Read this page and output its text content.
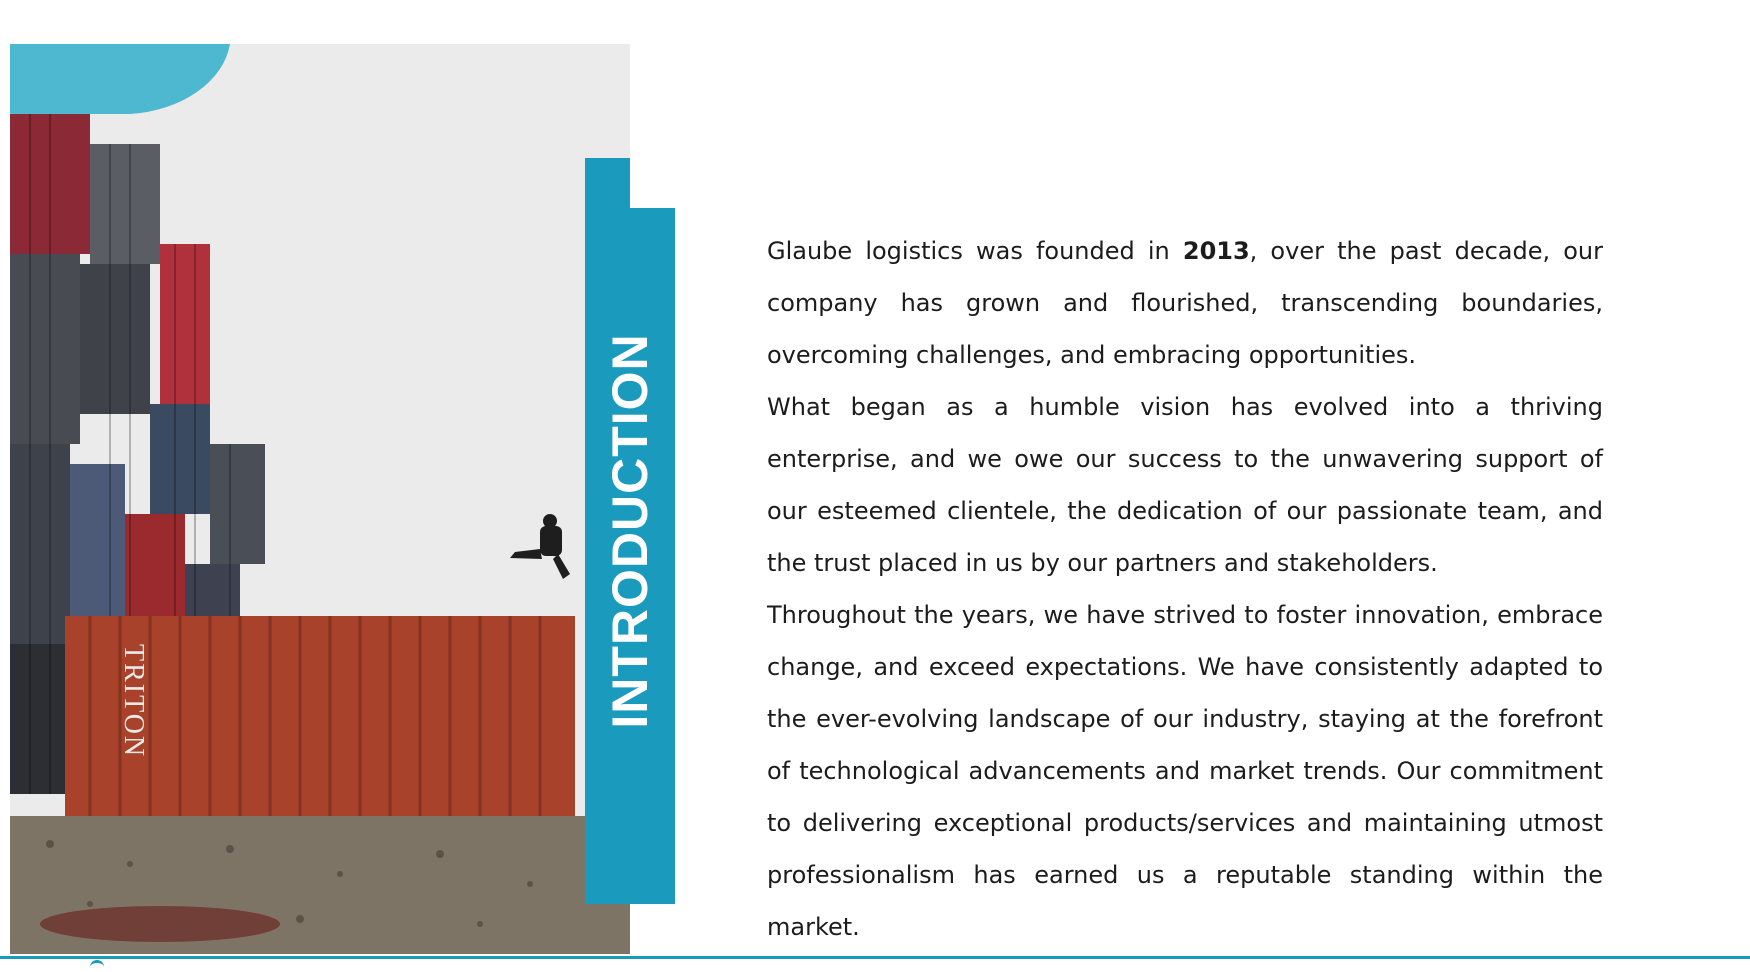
TRITON	INTRODUCTION

Glaube logistics was founded in 2013, over the past decade, our company has grown and flourished, transcending boundaries, overcoming challenges, and embracing opportunities.

What began as a humble vision has evolved into a thriving enterprise, and we owe our success to the unwavering support of our esteemed clientele, the dedication of our passionate team, and the trust placed in us by our partners and stakeholders.

Throughout the years, we have strived to foster innovation, embrace change, and exceed expectations. We have consistently adapted to the ever-evolving landscape of our industry, staying at the forefront of technological advancements and market trends. Our commitment to delivering exceptional products/services and maintaining utmost professionalism has earned us a reputable standing within the market.
